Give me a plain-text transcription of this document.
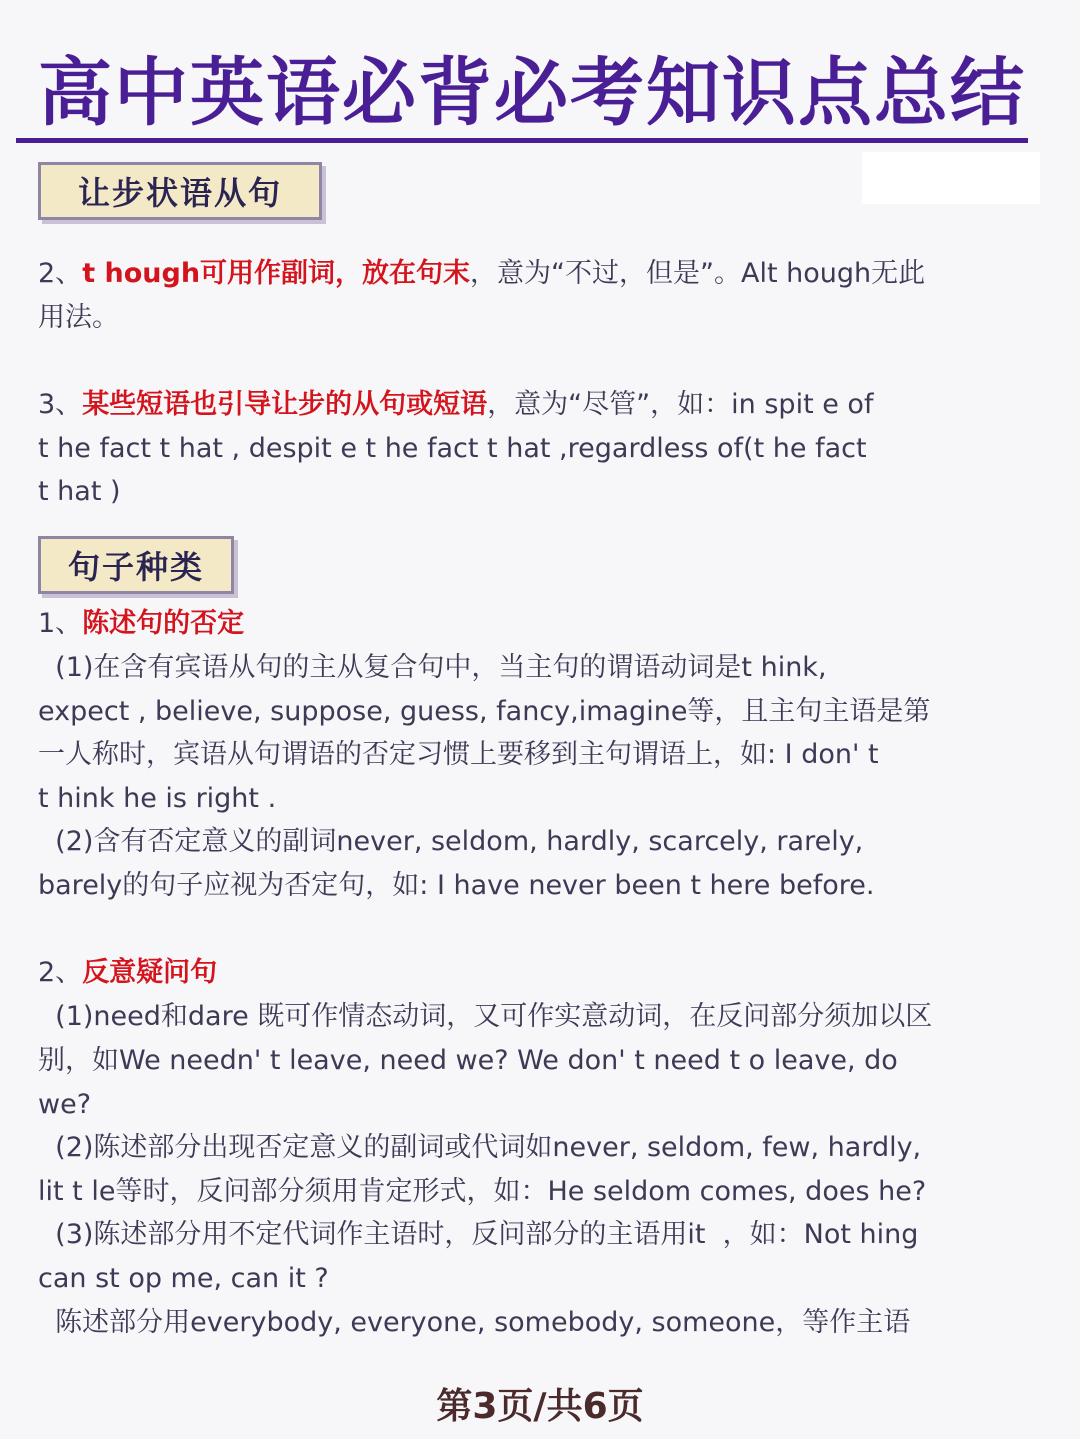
高中英语必背必考知识点总结
让步状语从句
2、t hough可用作副词，放在句末，意为“不过，但是”。Alt hough无此
用法。
3、某些短语也引导让步的从句或短语，意为“尽管”，如：in spit e of
t he fact t hat , despit e t he fact t hat ,regardless of(t he fact
t hat )
句子种类
1、陈述句的否定
(1)在含有宾语从句的主从复合句中，当主句的谓语动词是t hink,
expect , believe, suppose, guess, fancy,imagine等，且主句主语是第
一人称时，宾语从句谓语的否定习惯上要移到主句谓语上，如: I don' t
t hink he is right .
(2)含有否定意义的副词never, seldom, hardly, scarcely, rarely,
barely的句子应视为否定句，如: I have never been t here before.
2、反意疑问句
(1)need和dare 既可作情态动词，又可作实意动词，在反问部分须加以区
别，如We needn' t leave, need we? We don' t need t o leave, do
we?
(2)陈述部分出现否定意义的副词或代词如never, seldom, few, hardly,
lit t le等时，反问部分须用肯定形式，如：He seldom comes, does he?
(3)陈述部分用不定代词作主语时，反问部分的主语用it  ，如：Not hing
can st op me, can it ?
陈述部分用everybody, everyone, somebody, someone，等作主语
第3页/共6页
